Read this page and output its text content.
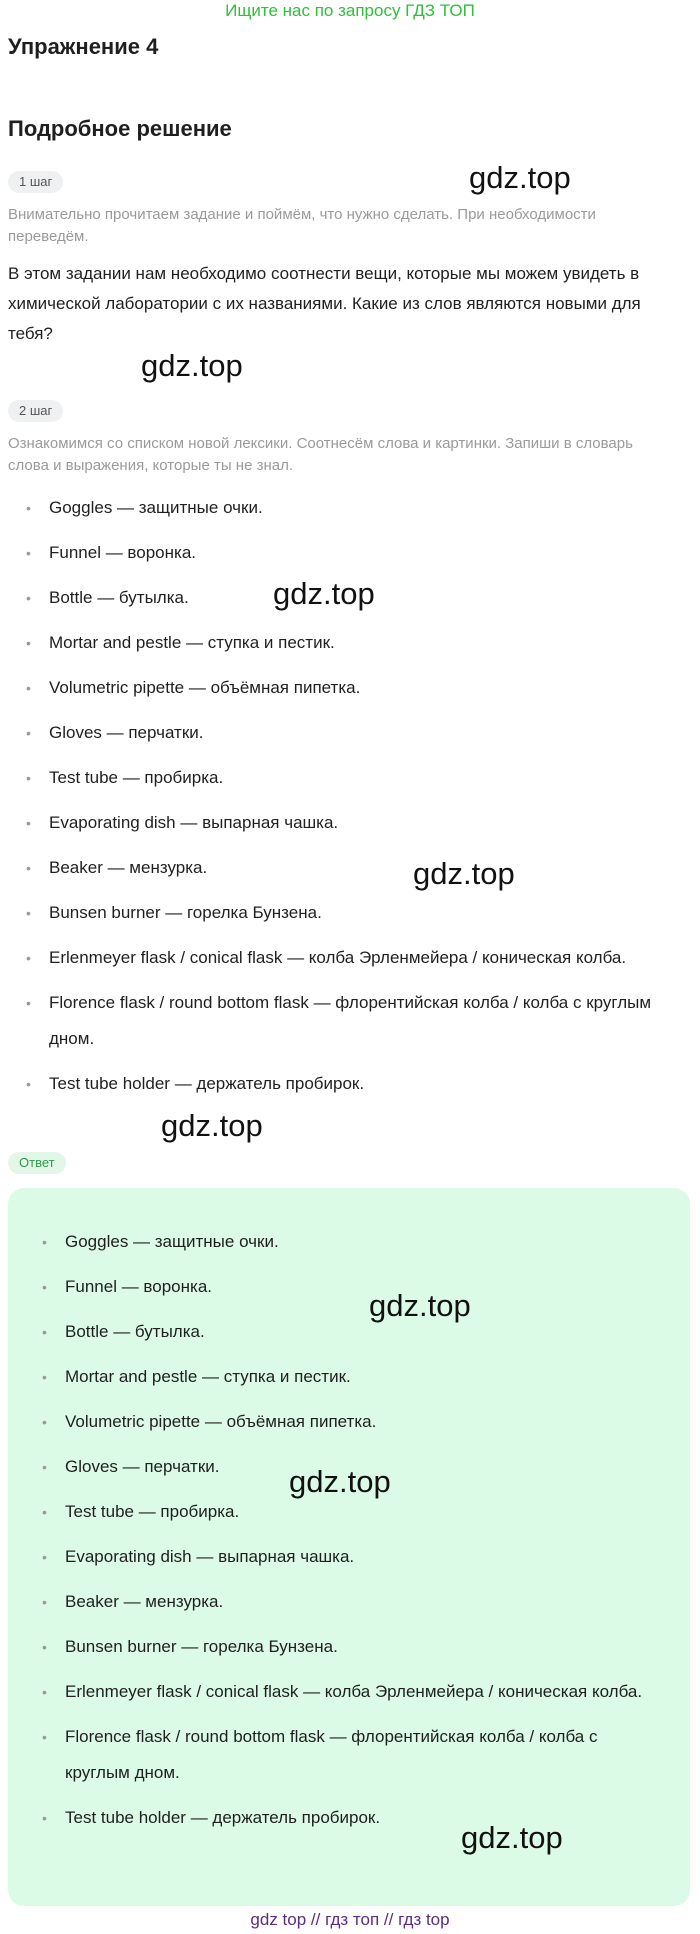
Ищите нас по запросу ГДЗ ТОП
Упражнение 4
Подробное решение
1 шаг
Внимательно прочитаем задание и поймём, что нужно сделать. При необходимости переведём.
В этом задании нам необходимо соотнести вещи, которые мы можем увидеть в химической лаборатории с их названиями. Какие из слов являются новыми для тебя?
2 шаг
Ознакомимся со списком новой лексики. Соотнесём слова и картинки. Запиши в словарь слова и выражения, которые ты не знал.
• Goggles — защитные очки.
• Funnel — воронка.
• Bottle — бутылка.
• Mortar and pestle — ступка и пестик.
• Volumetric pipette — объёмная пипетка.
• Gloves — перчатки.
• Test tube — пробирка.
• Evaporating dish — выпарная чашка.
• Beaker — мензурка.
• Bunsen burner — горелка Бунзена.
• Erlenmeyer flask / conical flask — колба Эрленмейера / коническая колба.
• Florence flask / round bottom flask — флорентийская колба / колба с круглым дном.
• Test tube holder — держатель пробирок.
Ответ
• Goggles — защитные очки.
• Funnel — воронка.
• Bottle — бутылка.
• Mortar and pestle — ступка и пестик.
• Volumetric pipette — объёмная пипетка.
• Gloves — перчатки.
• Test tube — пробирка.
• Evaporating dish — выпарная чашка.
• Beaker — мензурка.
• Bunsen burner — горелка Бунзена.
• Erlenmeyer flask / conical flask — колба Эрленмейера / коническая колба.
• Florence flask / round bottom flask — флорентийская колба / колба с круглым дном.
• Test tube holder — держатель пробирок.
gdz.top
gdz.top
gdz.top
gdz.top
gdz.top
gdz.top
gdz.top
gdz.top
gdz top // гдз топ // гдз top
